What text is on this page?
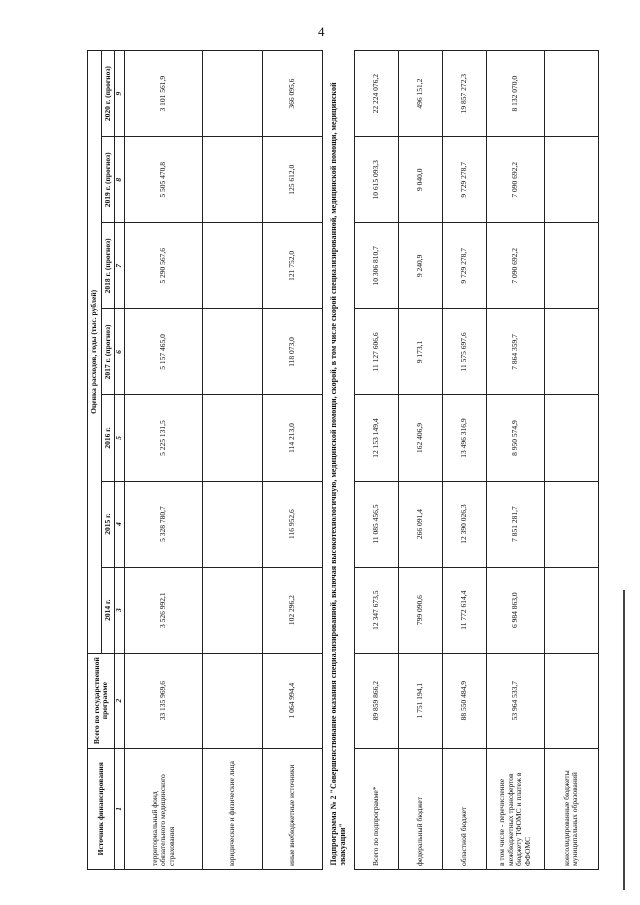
4
Источник финансирования	Всего по государственной программе	Оценка расходов, годы (тыс. рублей)						
		2014 г.	2015 г.	2016 г.	2017 г. (прогноз)	2018 г. (прогноз)	2019 г. (прогноз)	2020 г. (прогноз)
1	2	3	4	5	6	7	8	9
территориальный фонд обязательного медицинского страхования	33 135 969,6	3 526 992,1	5 328 780,7	5 225 131,5	5 157 465,0	5 290 567,6	5 505 470,8	3 101 561,9
юридические и физические лица								
иные внебюджетные источники	1 064 994,4	102 296,2	116 952,6	114 213,0	118 073,0	121 752,0	125 612,0	366 095,6
Подпрограмма № 2 "Совершенствование оказания специализированной, включая высокотехнологичную, медицинской помощи, скорой, в том числе скорой специализированной, медицинской помощи, медицинской эвакуации"								
Всего по подпрограмме*	89 859 866,2	12 347 673,5	11 085 456,5	12 153 149,4	11 127 606,6	10 306 810,7	10 615 093,3	22 224 076,2
федеральный бюджет	1 751 194,1	799 090,6	266 091,4	162 406,9	9 173,1	9 240,9	9 040,0	496 151,2
областной бюджет	88 550 484,9	11 772 614,4	12 390 026,3	13 496 316,9	11 575 697,6	9 729 278,7	9 729 278,7	19 857 272,3
в том числе - перечисление межбюджетных трансфертов бюджету ТФОМС и платеж в ФФОМС	53 964 533,7	6 984 863,0	7 851 281,7	8 950 574,9	7 864 359,7	7 090 692,2	7 090 692,2	8 132 070,0
консолидированные бюджеты муниципальных образований								
